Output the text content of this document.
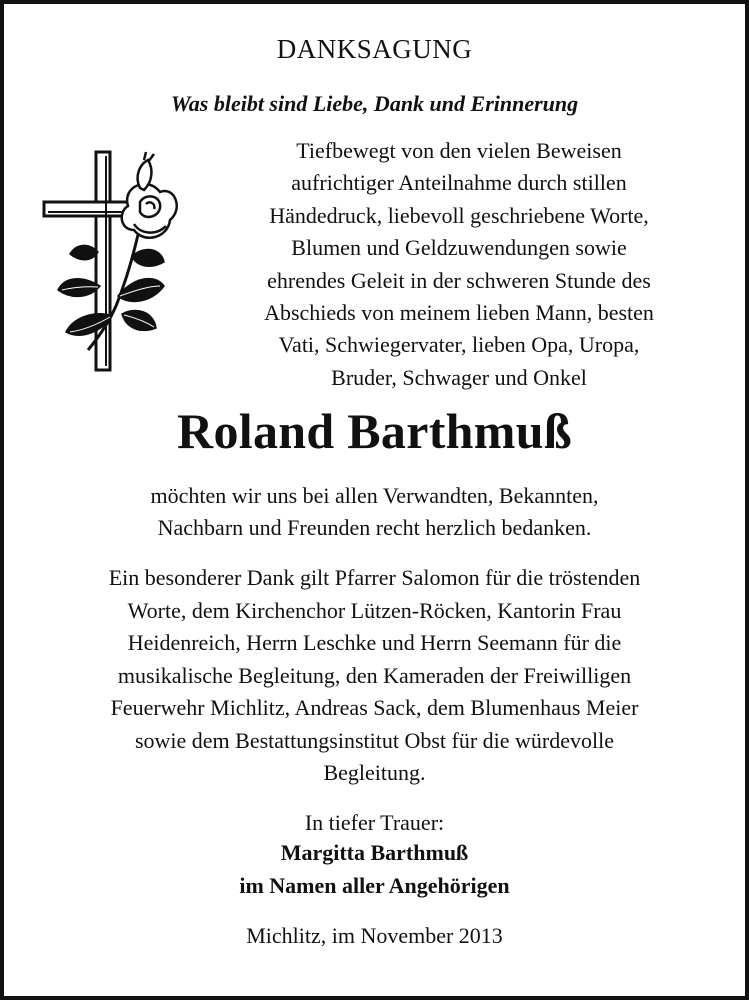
DANKSAGUNG
Was bleibt sind Liebe, Dank und Erinnerung
Tiefbewegt von den vielen Beweisen
aufrichtiger Anteilnahme durch stillen
Händedruck, liebevoll geschriebene Worte,
Blumen und Geldzuwendungen sowie
ehrendes Geleit in der schweren Stunde des
Abschieds von meinem lieben Mann, besten
Vati, Schwiegervater, lieben Opa, Uropa,
Bruder, Schwager und Onkel
Roland Barthmuß
möchten wir uns bei allen Verwandten, Bekannten,
Nachbarn und Freunden recht herzlich bedanken.
Ein besonderer Dank gilt Pfarrer Salomon für die tröstenden
Worte, dem Kirchenchor Lützen-Röcken, Kantorin Frau
Heidenreich, Herrn Leschke und Herrn Seemann für die
musikalische Begleitung, den Kameraden der Freiwilligen
Feuerwehr Michlitz, Andreas Sack, dem Blumenhaus Meier
sowie dem Bestattungsinstitut Obst für die würdevolle
Begleitung.
In tiefer Trauer:
Margitta Barthmuß
im Namen aller Angehörigen
Michlitz, im November 2013
